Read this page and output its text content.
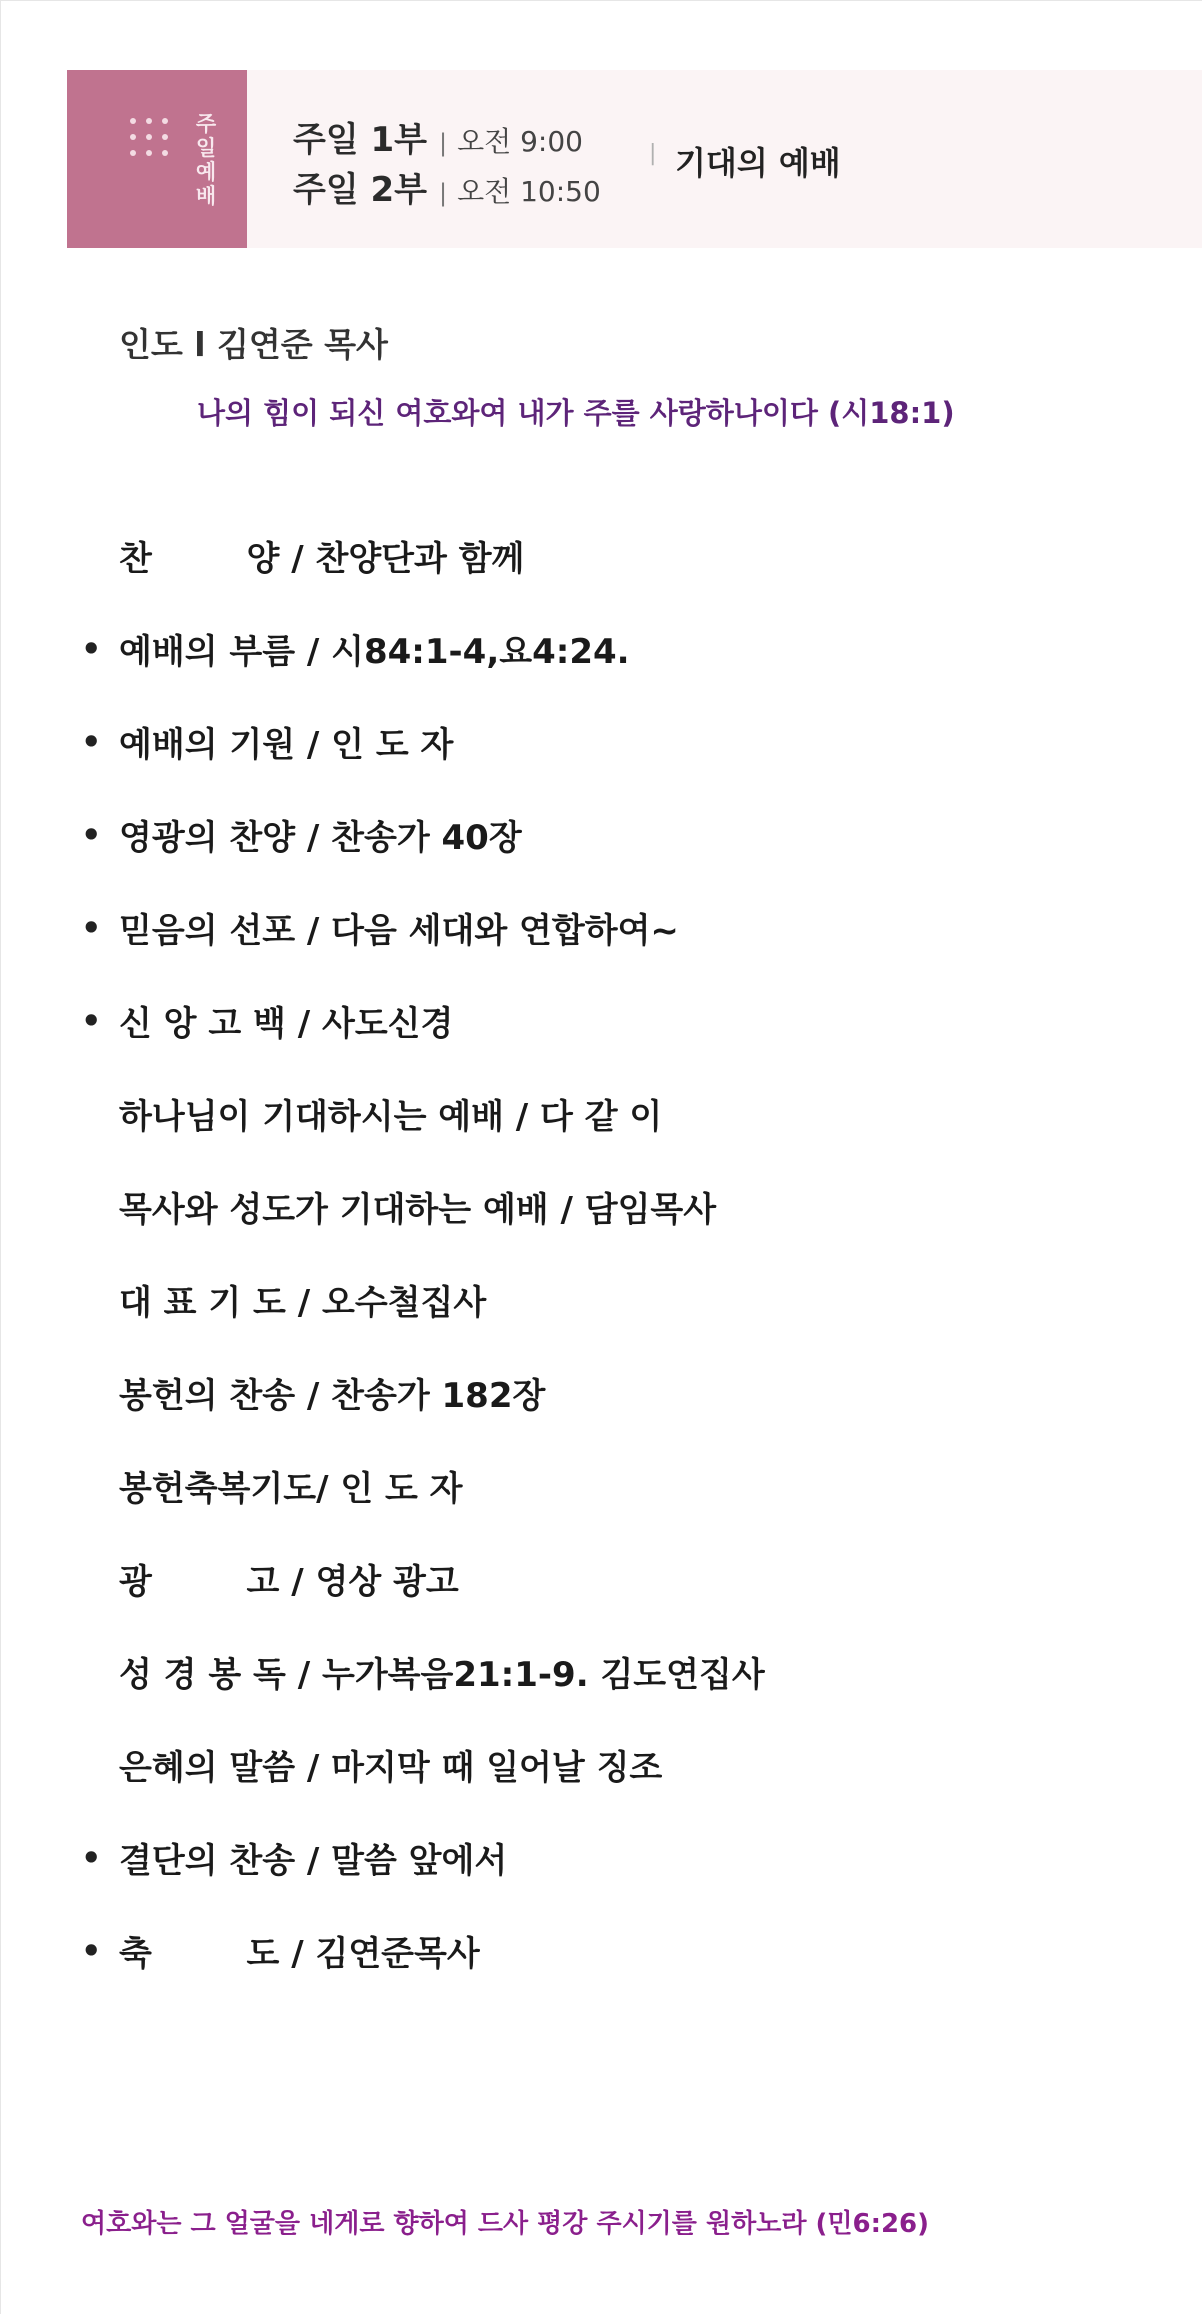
주일예배
주일 1부 | 오전 9:00
주일 2부 | 오전 10:50
| 기대의 예배
인도 l 김연준 목사
나의 힘이 되신 여호와여 내가 주를 사랑하나이다 (시18:1)
찬        양 / 찬양단과 함께
• 예배의 부름 / 시84:1-4,요4:24.
• 예배의 기원 / 인 도 자
• 영광의 찬양 / 찬송가 40장
• 믿음의 선포 / 다음 세대와 연합하여~
• 신 앙 고 백 / 사도신경
하나님이 기대하시는 예배 / 다 같 이
목사와 성도가 기대하는 예배 / 담임목사
대 표 기 도 / 오수철집사
봉헌의 찬송 / 찬송가 182장
봉헌축복기도/ 인 도 자
광        고 / 영상 광고
성 경 봉 독 / 누가복음21:1-9. 김도연집사
은혜의 말씀 / 마지막 때 일어날 징조
• 결단의 찬송 / 말씀 앞에서
• 축        도 / 김연준목사
여호와는 그 얼굴을 네게로 향하여 드사 평강 주시기를 원하노라 (민6:26)
